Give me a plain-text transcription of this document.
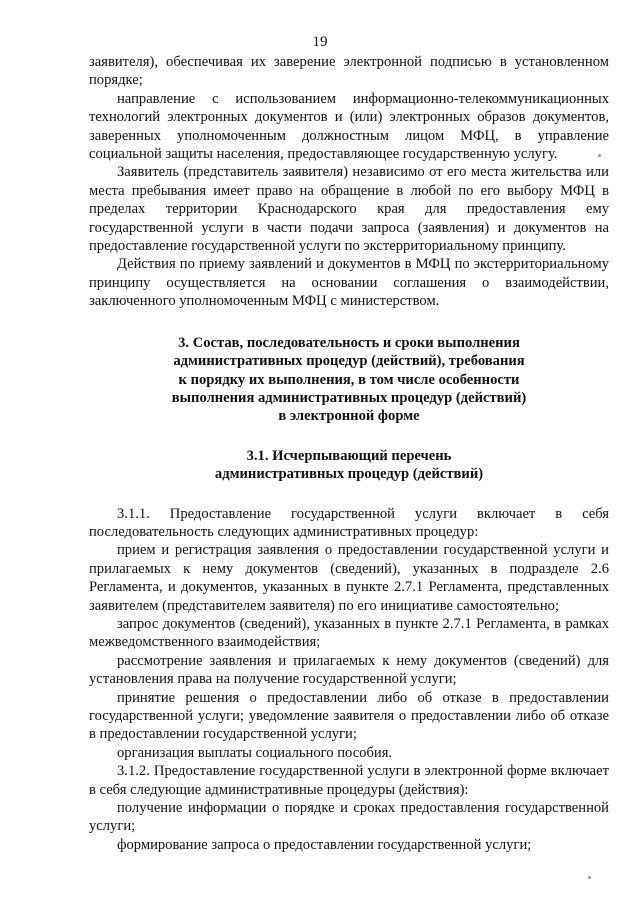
19

заявителя), обеспечивая их заверение электронной подписью в установленном порядке;

направление с использованием информационно-телекоммуникационных технологий электронных документов и (или) электронных образов документов, заверенных уполномоченным должностным лицом МФЦ, в управление социальной защиты населения, предоставляющее государственную услугу.

Заявитель (представитель заявителя) независимо от его места жительства или места пребывания имеет право на обращение в любой по его выбору МФЦ в пределах территории Краснодарского края для предоставления ему государственной услуги в части подачи запроса (заявления) и документов на предоставление государственной услуги по экстерриториальному принципу.

Действия по приему заявлений и документов в МФЦ по экстерриториальному принципу осуществляется на основании соглашения о взаимодействии, заключенного уполномоченным МФЦ с министерством.

3. Состав, последовательность и сроки выполнения
административных процедур (действий), требования
к порядку их выполнения, в том числе особенности
выполнения административных процедур (действий)
в электронной форме
3.1. Исчерпывающий перечень
административных процедур (действий)

3.1.1. Предоставление государственной услуги включает в себя последовательность следующих административных процедур:

прием и регистрация заявления о предоставлении государственной услуги и прилагаемых к нему документов (сведений), указанных в подразделе 2.6 Регламента, и документов, указанных в пункте 2.7.1 Регламента, представленных заявителем (представителем заявителя) по его инициативе самостоятельно;

запрос документов (сведений), указанных в пункте 2.7.1 Регламента, в рамках межведомственного взаимодействия;

рассмотрение заявления и прилагаемых к нему документов (сведений) для установления права на получение государственной услуги;

принятие решения о предоставлении либо об отказе в предоставлении государственной услуги; уведомление заявителя о предоставлении либо об отказе в предоставлении государственной услуги;

организация выплаты социального пособия.

3.1.2. Предоставление государственной услуги в электронной форме включает в себя следующие административные процедуры (действия):

получение информации о порядке и сроках предоставления государственной услуги;

формирование запроса о предоставлении государственной услуги;
